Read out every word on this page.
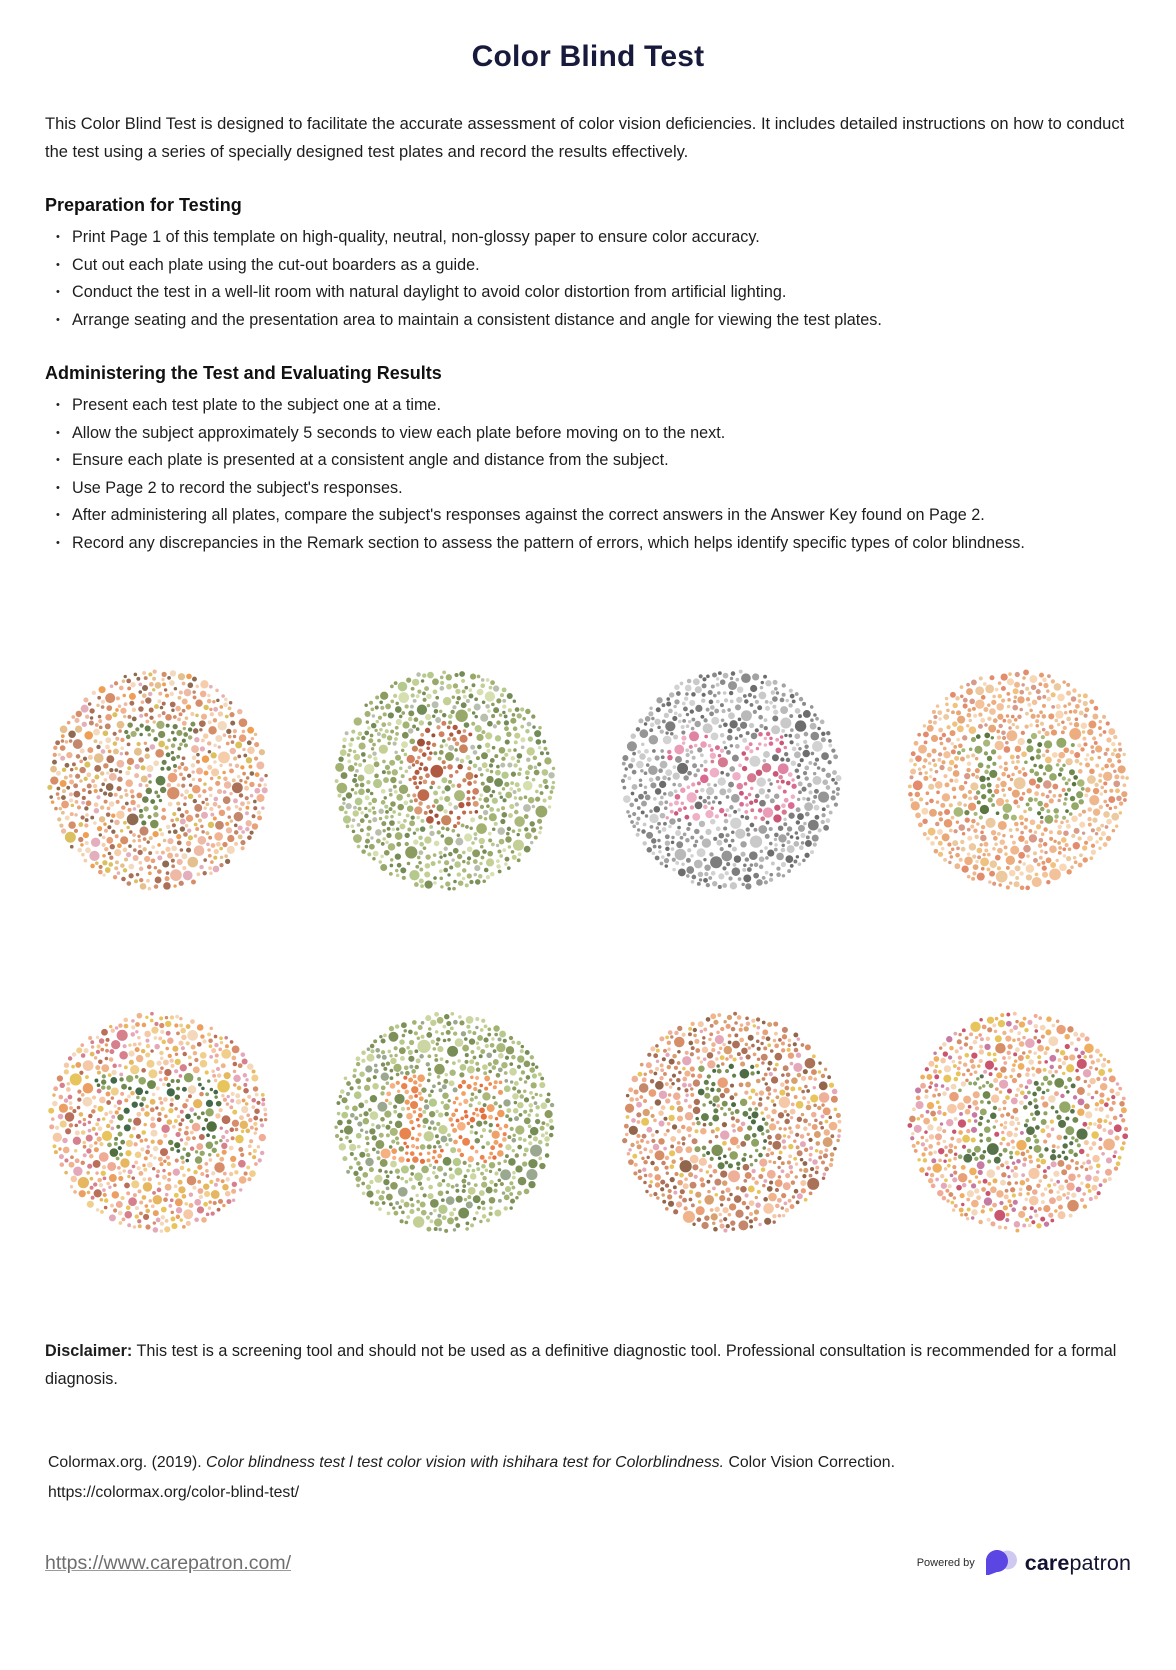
Color Blind Test

This Color Blind Test is designed to facilitate the accurate assessment of color vision deficiencies. It includes detailed instructions on how to conduct the test using a series of specially designed test plates and record the results effectively.

Preparation for Testing
• Print Page 1 of this template on high-quality, neutral, non-glossy paper to ensure color accuracy.
• Cut out each plate using the cut-out boarders as a guide.
• Conduct the test in a well-lit room with natural daylight to avoid color distortion from artificial lighting.
• Arrange seating and the presentation area to maintain a consistent distance and angle for viewing the test plates.
Administering the Test and Evaluating Results
• Present each test plate to the subject one at a time.
• Allow the subject approximately 5 seconds to view each plate before moving on to the next.
• Ensure each plate is presented at a consistent angle and distance from the subject.
• Use Page 2 to record the subject's responses.
• After administering all plates, compare the subject's responses against the correct answers in the Answer Key found on Page 2.
• Record any discrepancies in the Remark section to assess the pattern of errors, which helps identify specific types of color blindness.

Disclaimer: This test is a screening tool and should not be used as a definitive diagnostic tool. Professional consultation is recommended for a formal diagnosis.

Colormax.org. (2019). Color blindness test l test color vision with ishihara test for Colorblindness. Color Vision Correction.
https://colormax.org/color-blind-test/
https://www.carepatron.com/	Powered by carepatron
